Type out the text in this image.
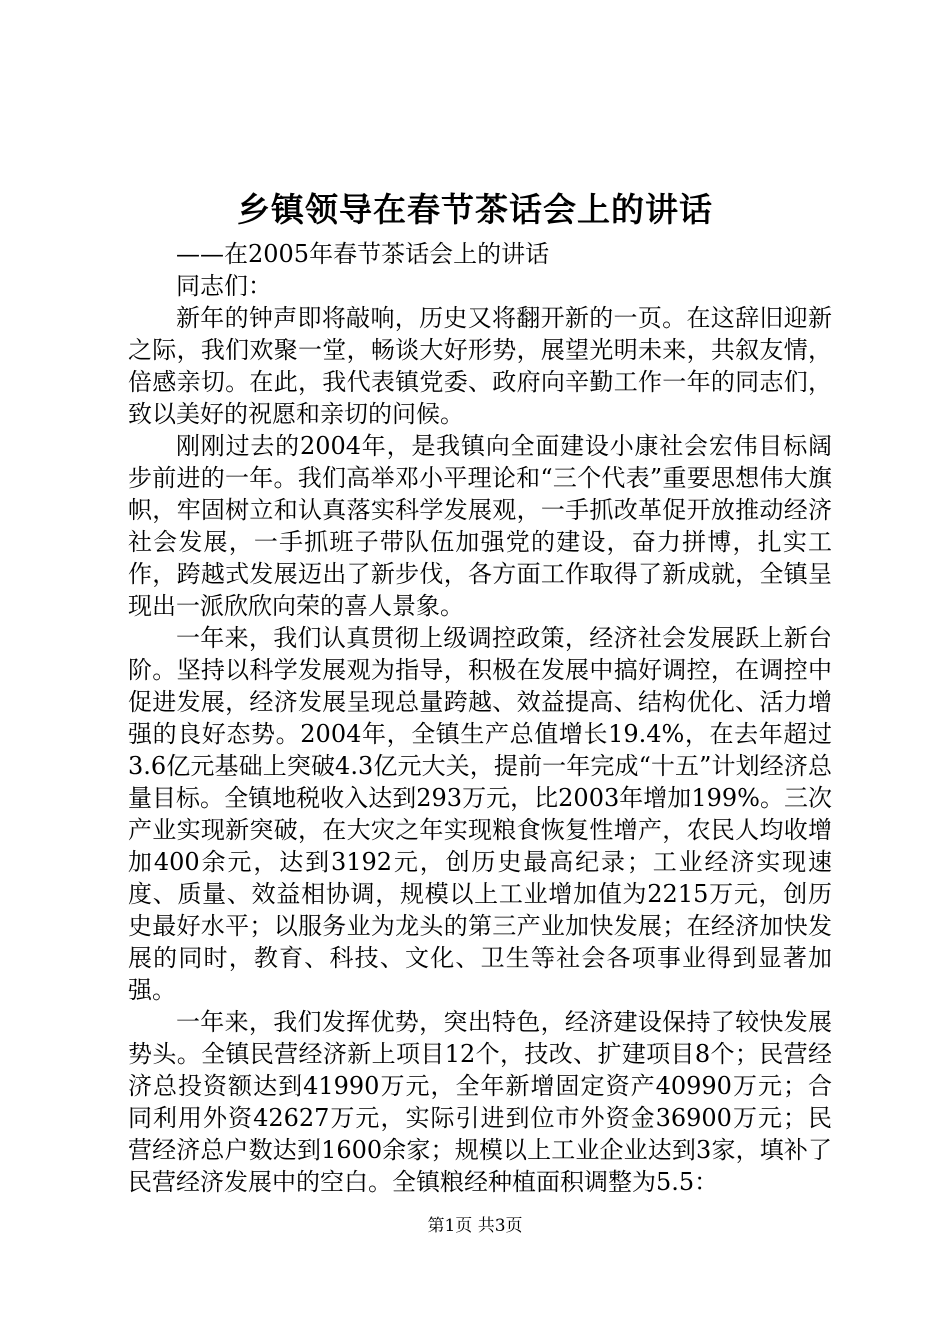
乡镇领导在春节茶话会上的讲话

——在2005年春节茶话会上的讲话

同志们：

新年的钟声即将敲响，历史又将翻开新的一页。在这辞旧迎新之际，我们欢聚一堂，畅谈大好形势，展望光明未来，共叙友情，倍感亲切。在此，我代表镇党委、政府向辛勤工作一年的同志们，致以美好的祝愿和亲切的问候。

刚刚过去的2004年，是我镇向全面建设小康社会宏伟目标阔步前进的一年。我们高举邓小平理论和“三个代表”重要思想伟大旗帜，牢固树立和认真落实科学发展观，一手抓改革促开放推动经济社会发展，一手抓班子带队伍加强党的建设，奋力拼博，扎实工作，跨越式发展迈出了新步伐，各方面工作取得了新成就，全镇呈现出一派欣欣向荣的喜人景象。

一年来，我们认真贯彻上级调控政策，经济社会发展跃上新台阶。坚持以科学发展观为指导，积极在发展中搞好调控，在调控中促进发展，经济发展呈现总量跨越、效益提高、结构优化、活力增强的良好态势。2004年，全镇生产总值增长19.4%，在去年超过3.6亿元基础上突破4.3亿元大关，提前一年完成“十五”计划经济总量目标。全镇地税收入达到293万元，比2003年增加199%。三次产业实现新突破，在大灾之年实现粮食恢复性增产，农民人均收增加400余元，达到3192元，创历史最高纪录；工业经济实现速度、质量、效益相协调，规模以上工业增加值为2215万元，创历史最好水平；以服务业为龙头的第三产业加快发展；在经济加快发展的同时，教育、科技、文化、卫生等社会各项事业得到显著加强。

一年来，我们发挥优势，突出特色，经济建设保持了较快发展势头。全镇民营经济新上项目12个，技改、扩建项目8个；民营经济总投资额达到41990万元，全年新增固定资产40990万元；合同利用外资42627万元，实际引进到位市外资金36900万元；民营经济总户数达到1600余家；规模以上工业企业达到3家，填补了民营经济发展中的空白。全镇粮经种植面积调整为5.5：

第1页 共3页
